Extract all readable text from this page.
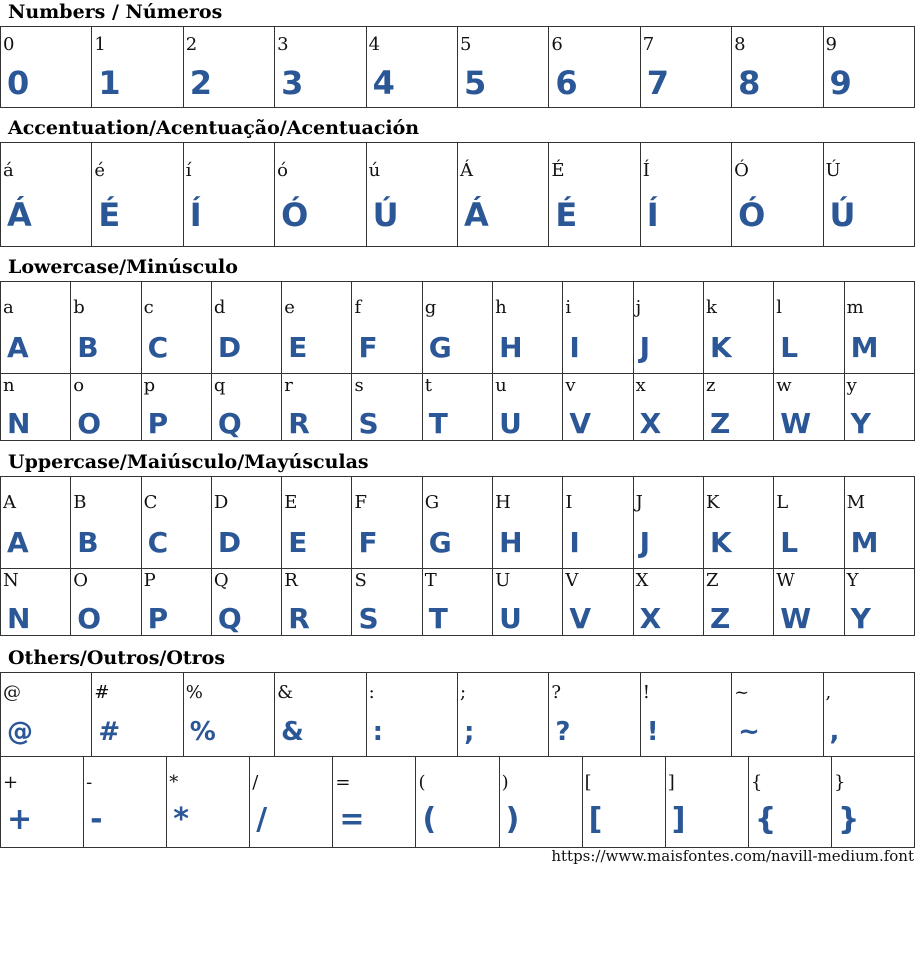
Numbers / Números
0
0
1
1
2
2
3
3
4
4
5
5
6
6
7
7
8
8
9
9
Accentuation/Acentuação/Acentuación
á
Á
é
É
í
Í
ó
Ó
ú
Ú
Á
Á
É
É
Í
Í
Ó
Ó
Ú
Ú
Lowercase/Minúsculo
a
A
b
B
c
C
d
D
e
E
f
F
g
G
h
H
i
I
j
J
k
K
l
L
m
M
n
N
o
O
p
P
q
Q
r
R
s
S
t
T
u
U
v
V
x
X
z
Z
w
W
y
Y
Uppercase/Maiúsculo/Mayúsculas
A
A
B
B
C
C
D
D
E
E
F
F
G
G
H
H
I
I
J
J
K
K
L
L
M
M
N
N
O
O
P
P
Q
Q
R
R
S
S
T
T
U
U
V
V
X
X
Z
Z
W
W
Y
Y
Others/Outros/Otros
@
@
#
#
%
%
&
&
:
:
;
;
?
?
!
!
~
~
,
,
+
+
-
-
*
*
/
/
=
=
(
(
)
)
[
[
]
]
{
{
}
}
https://www.maisfontes.com/navill-medium.font
